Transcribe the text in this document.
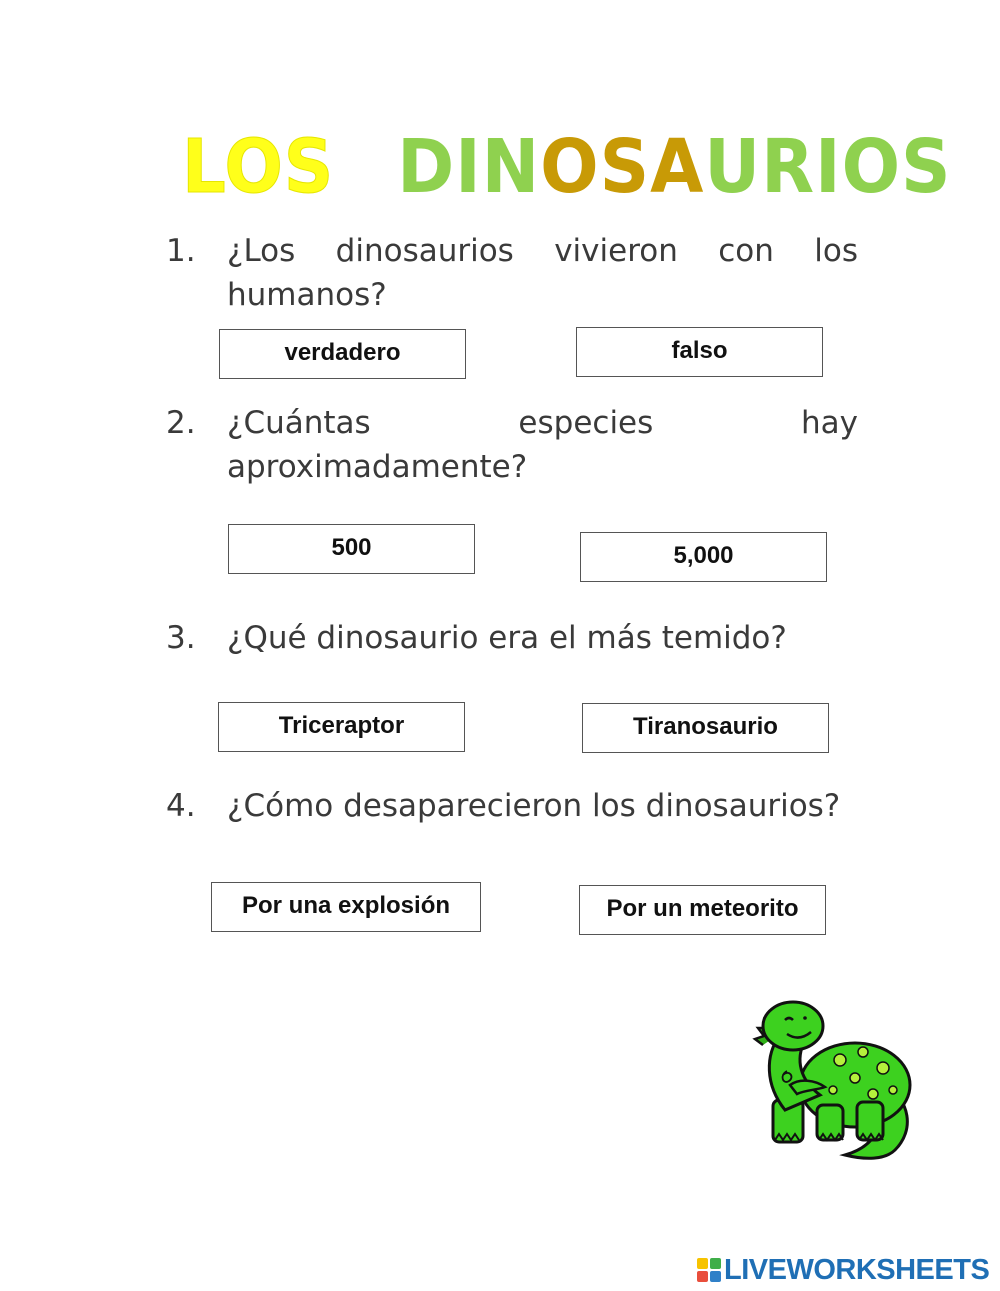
LOS DINOSAURIOS
1.	¿Los dinosaurios vivieron con los
humanos?
verdadero	falso
2.	¿Cuántas especies hay
aproximadamente?
500	5,000
3.	¿Qué dinosaurio era el más temido?
Triceraptor	Tiranosaurio
4.	¿Cómo desaparecieron los dinosaurios?
Por una explosión	Por un meteorito
LIVEWORKSHEETS
